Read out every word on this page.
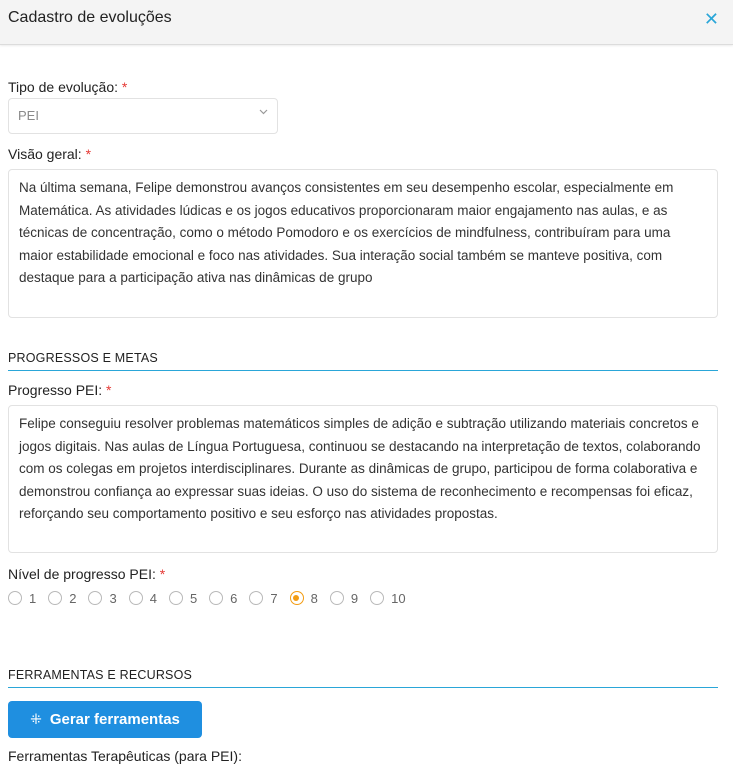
Cadastro de evoluções	✕
Tipo de evolução: *
PEI
Visão geral: *
Na última semana, Felipe demonstrou avanços consistentes em seu desempenho escolar, especialmente em Matemática. As atividades lúdicas e os jogos educativos proporcionaram maior engajamento nas aulas, e as técnicas de concentração, como o método Pomodoro e os exercícios de mindfulness, contribuíram para uma maior estabilidade emocional e foco nas atividades. Sua interação social também se manteve positiva, com destaque para a participação ativa nas dinâmicas de grupo
PROGRESSOS E METAS
Progresso PEI: *
Felipe conseguiu resolver problemas matemáticos simples de adição e subtração utilizando materiais concretos e jogos digitais. Nas aulas de Língua Portuguesa, continuou se destacando na interpretação de textos, colaborando com os colegas em projetos interdisciplinares. Durante as dinâmicas de grupo, participou de forma colaborativa e demonstrou confiança ao expressar suas ideias. O uso do sistema de reconhecimento e recompensas foi eficaz, reforçando seu comportamento positivo e seu esforço nas atividades propostas.
Nível de progresso PEI: *
1	2	3	4	5	6	7	8	9	10
FERRAMENTAS E RECURSOS
⁜ Gerar ferramentas
Ferramentas Terapêuticas (para PEI):
